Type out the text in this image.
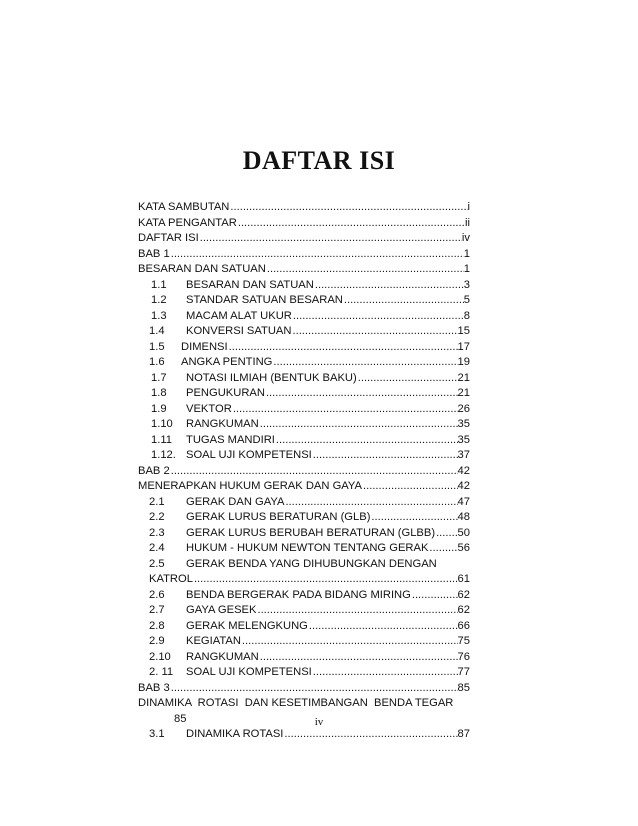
DAFTAR ISI
KATA SAMBUTAN .....	i
KATA PENGANTAR .....	ii
DAFTAR ISI .....	iv
BAB 1 .....	1
BESARAN DAN SATUAN .....	1
1.1	BESARAN DAN SATUAN .....	3
1.2	STANDAR SATUAN BESARAN .....	5
1.3	MACAM ALAT UKUR .....	8
1.4	KONVERSI SATUAN .....	15
1.5	DIMENSI .....	17
1.6	ANGKA PENTING .....	19
1.7	NOTASI ILMIAH (BENTUK BAKU) .....	21
1.8	PENGUKURAN .....	21
1.9	VEKTOR .....	26
1.10	RANGKUMAN .....	35
1.11	TUGAS MANDIRI .....	35
1.12. SOAL UJI KOMPETENSI .....	37
BAB 2 .....	42
MENERAPKAN HUKUM GERAK DAN GAYA .....	42
2.1	GERAK DAN GAYA .....	47
2.2	GERAK LURUS BERATURAN (GLB) .....	48
2.3	GERAK LURUS BERUBAH BERATURAN (GLBB) ..... 50
2.4	HUKUM - HUKUM NEWTON TENTANG GERAK .....	56
2.5	GERAK BENDA YANG DIHUBUNGKAN DENGAN
KATROL .....	61
2.6	BENDA BERGERAK PADA BIDANG MIRING .....	62
2.7	GAYA GESEK .....	62
2.8	GERAK MELENGKUNG .....	66
2.9	KEGIATAN .....	75
2.10	RANGKUMAN .....	76
2. 11	SOAL UJI KOMPETENSI .....	77
BAB 3 .....	85
DINAMIKA  ROTASI  DAN KESETIMBANGAN  BENDA TEGAR
85
3.1	DINAMIKA ROTASI .....	87
iv
